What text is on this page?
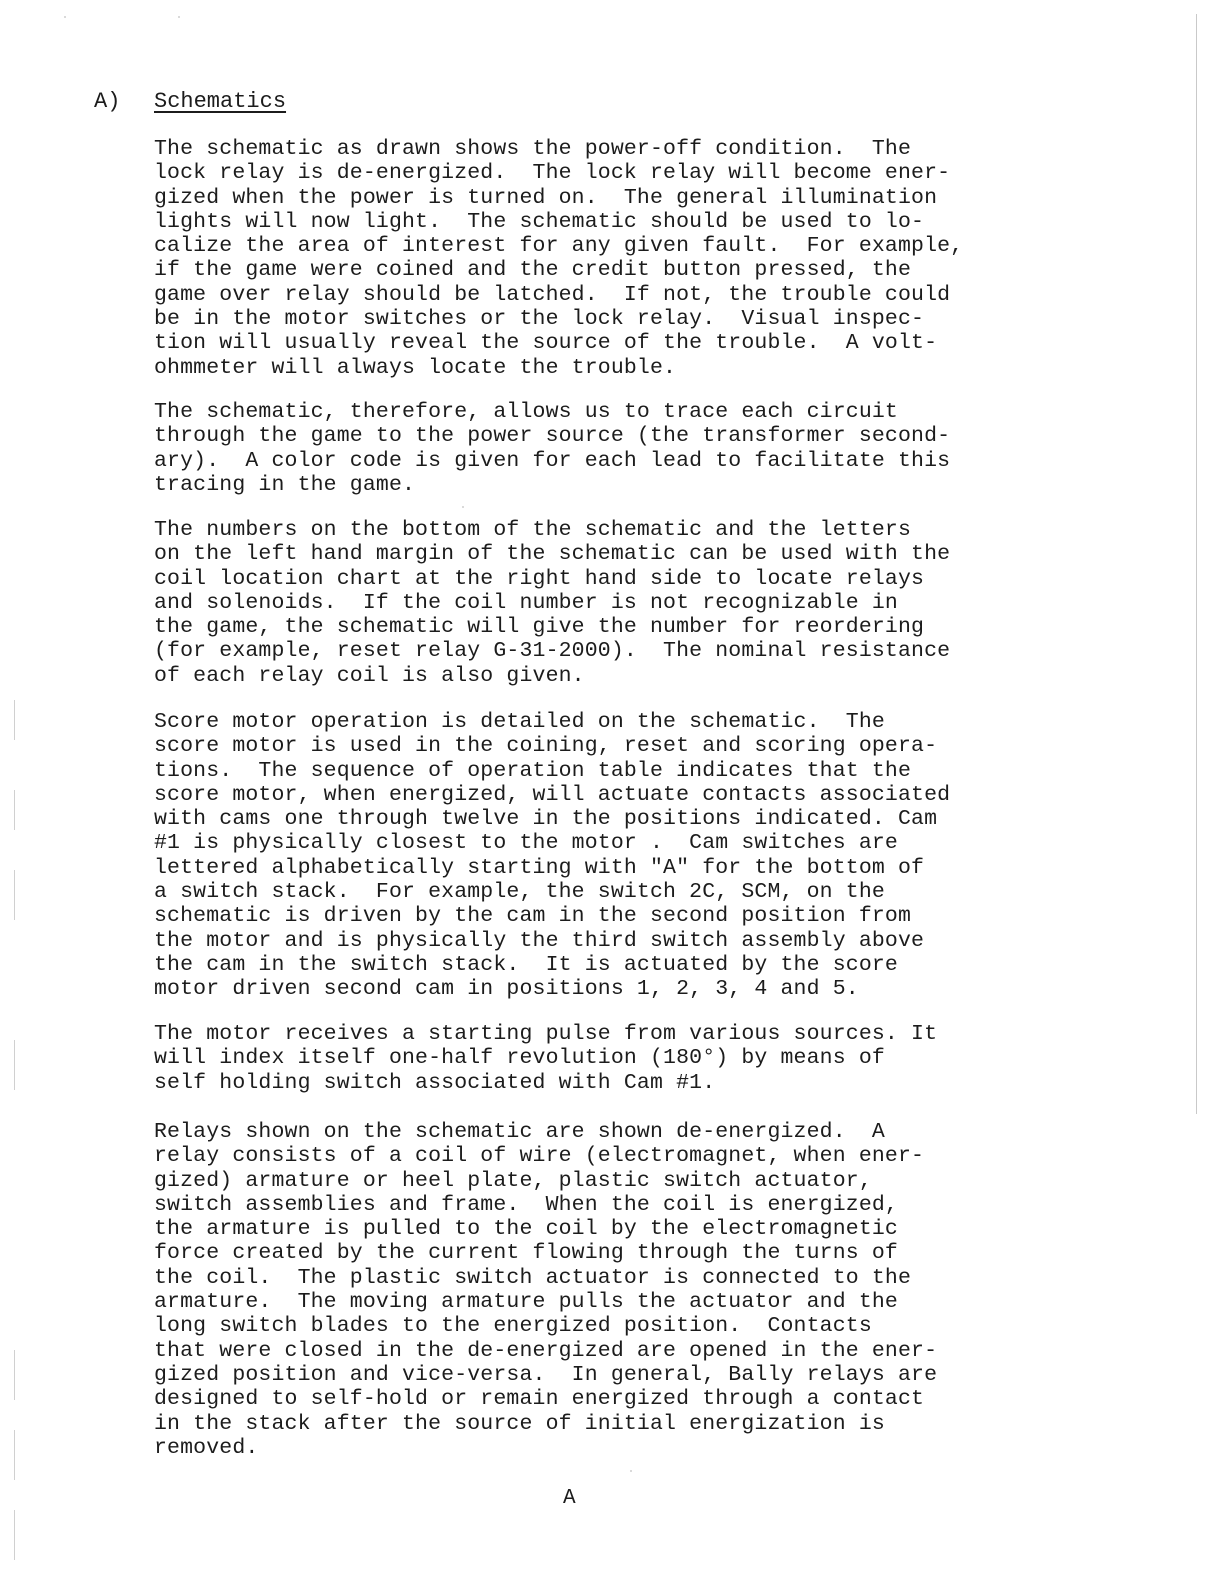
A) Schematics

The schematic as drawn shows the power-off condition.  The
lock relay is de-energized.  The lock relay will become ener-
gized when the power is turned on.  The general illumination
lights will now light.  The schematic should be used to lo-
calize the area of interest for any given fault.  For example,
if the game were coined and the credit button pressed, the
game over relay should be latched.  If not, the trouble could
be in the motor switches or the lock relay.  Visual inspec-
tion will usually reveal the source of the trouble.  A volt-
ohmmeter will always locate the trouble.

The schematic, therefore, allows us to trace each circuit
through the game to the power source (the transformer second-
ary).  A color code is given for each lead to facilitate this
tracing in the game.

The numbers on the bottom of the schematic and the letters
on the left hand margin of the schematic can be used with the
coil location chart at the right hand side to locate relays
and solenoids.  If the coil number is not recognizable in
the game, the schematic will give the number for reordering
(for example, reset relay G-31-2000).  The nominal resistance
of each relay coil is also given.

Score motor operation is detailed on the schematic.  The
score motor is used in the coining, reset and scoring opera-
tions.  The sequence of operation table indicates that the
score motor, when energized, will actuate contacts associated
with cams one through twelve in the positions indicated. Cam
#1 is physically closest to the motor .  Cam switches are
lettered alphabetically starting with "A" for the bottom of
a switch stack.  For example, the switch 2C, SCM, on the
schematic is driven by the cam in the second position from
the motor and is physically the third switch assembly above
the cam in the switch stack.  It is actuated by the score
motor driven second cam in positions 1, 2, 3, 4 and 5.

The motor receives a starting pulse from various sources. It
will index itself one-half revolution (180°) by means of
self holding switch associated with Cam #1.

Relays shown on the schematic are shown de-energized.  A
relay consists of a coil of wire (electromagnet, when ener-
gized) armature or heel plate, plastic switch actuator,
switch assemblies and frame.  When the coil is energized,
the armature is pulled to the coil by the electromagnetic
force created by the current flowing through the turns of
the coil.  The plastic switch actuator is connected to the
armature.  The moving armature pulls the actuator and the
long switch blades to the energized position.  Contacts
that were closed in the de-energized are opened in the ener-
gized position and vice-versa.  In general, Bally relays are
designed to self-hold or remain energized through a contact
in the stack after the source of initial energization is
removed.

A
